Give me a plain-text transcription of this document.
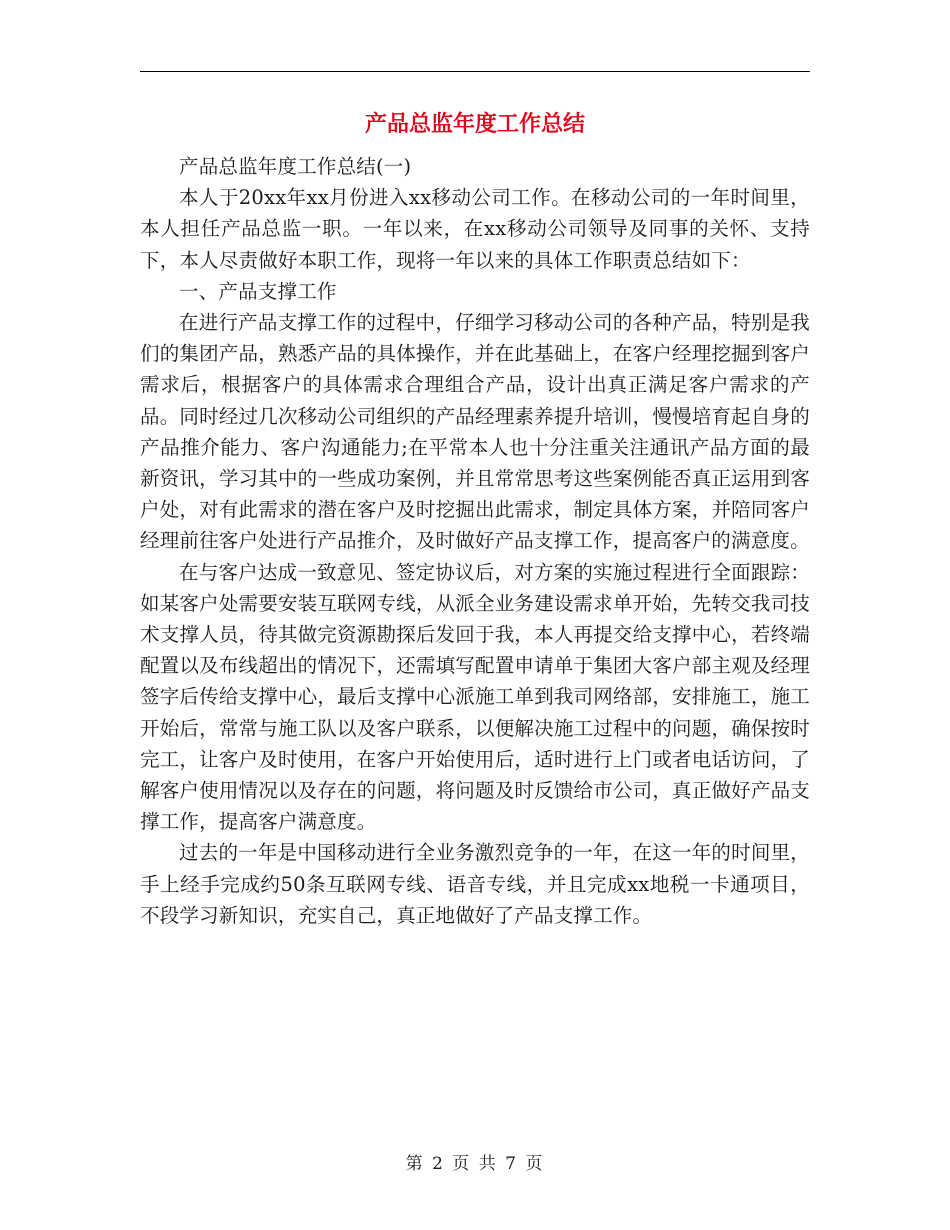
产品总监年度工作总结

产品总监年度工作总结(一)

本人于20xx年xx月份进入xx移动公司工作。在移动公司的一年时间里，本人担任产品总监一职。一年以来，在xx移动公司领导及同事的关怀、支持下，本人尽责做好本职工作，现将一年以来的具体工作职责总结如下：

一、产品支撑工作

在进行产品支撑工作的过程中，仔细学习移动公司的各种产品，特别是我们的集团产品，熟悉产品的具体操作，并在此基础上，在客户经理挖掘到客户需求后，根据客户的具体需求合理组合产品，设计出真正满足客户需求的产品。同时经过几次移动公司组织的产品经理素养提升培训，慢慢培育起自身的产品推介能力、客户沟通能力;在平常本人也十分注重关注通讯产品方面的最新资讯，学习其中的一些成功案例，并且常常思考这些案例能否真正运用到客户处，对有此需求的潜在客户及时挖掘出此需求，制定具体方案，并陪同客户经理前往客户处进行产品推介，及时做好产品支撑工作，提高客户的满意度。

在与客户达成一致意见、签定协议后，对方案的实施过程进行全面跟踪：如某客户处需要安装互联网专线，从派全业务建设需求单开始，先转交我司技术支撑人员，待其做完资源勘探后发回于我，本人再提交给支撑中心，若终端配置以及布线超出的情况下，还需填写配置申请单于集团大客户部主观及经理签字后传给支撑中心，最后支撑中心派施工单到我司网络部，安排施工，施工开始后，常常与施工队以及客户联系，以便解决施工过程中的问题，确保按时完工，让客户及时使用，在客户开始使用后，适时进行上门或者电话访问，了解客户使用情况以及存在的问题，将问题及时反馈给市公司，真正做好产品支撑工作，提高客户满意度。

过去的一年是中国移动进行全业务激烈竞争的一年，在这一年的时间里，手上经手完成约50条互联网专线、语音专线，并且完成xx地税一卡通项目，不段学习新知识，充实自己，真正地做好了产品支撑工作。

第 2 页 共 7 页
